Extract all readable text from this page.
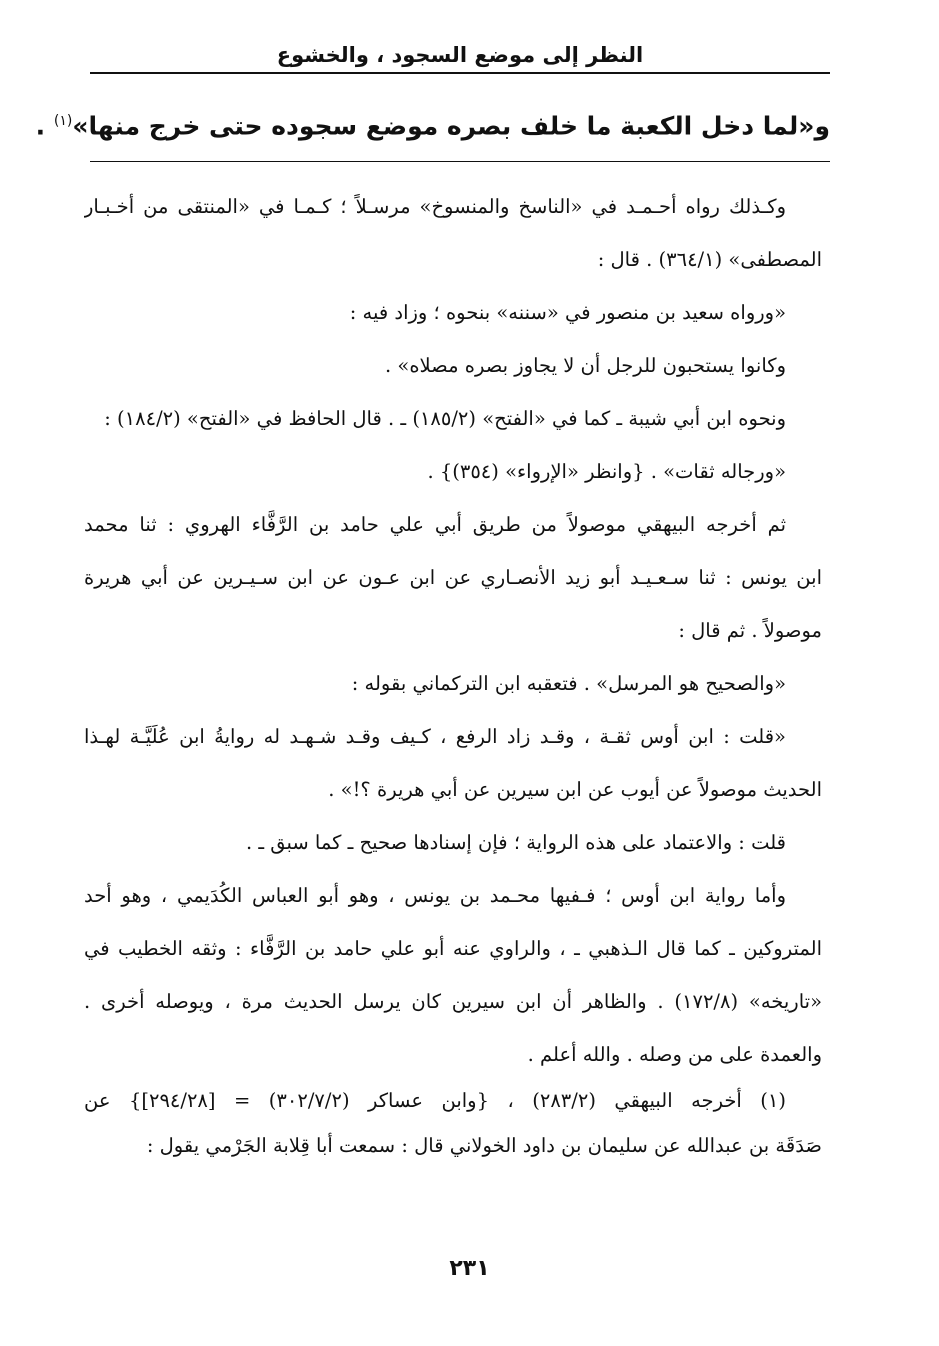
النظر إلى موضع السجود ، والخشوع
و«لما دخل الكعبة ما خلف بصره موضع سجوده حتى خرج منها»$^{(١)}$ .
وكـذلك رواه أحـمـد في «الناسخ والمنسوخ» مرسـلاً ؛ كـمـا في «المنتقى من أخـبـار
المصطفى» (٣٦٤/١) . قال :
«ورواه سعيد بن منصور في «سننه» بنحوه ؛ وزاد فيه :
وكانوا يستحبون للرجل أن لا يجاوز بصره مصلاه» .
ونحوه ابن أبي شيبة ـ كما في «الفتح» (١٨٥/٢) ـ . قال الحافظ في «الفتح» (١٨٤/٢) :
«ورجاله ثقات» . {وانظر «الإرواء» (٣٥٤)} .
ثم أخرجه البيهقي موصولاً من طريق أبي علي حامد بن الرَّفَّاء الهروي : ثنا محمد
ابن يونس : ثنا سـعـيـد أبو زيد الأنصـاري عن ابن عـون عن ابن سـيـرين عن أبي هريرة
موصولاً . ثم قال :
«والصحيح هو المرسل» . فتعقبه ابن التركماني بقوله :
«قلت : ابن أوس ثقـة ، وقـد زاد الرفع ، كـيف وقـد شـهـد له روايةُ ابن عُلَيَّـة لهـذا
الحديث موصولاً عن أيوب عن ابن سيرين عن أبي هريرة ؟!» .
قلت : والاعتماد على هذه الرواية ؛ فإن إسنادها صحيح ـ كما سبق ـ .
وأما رواية ابن أوس ؛ فـفيها محـمد بن يونس ، وهو أبو العباس الكُدَيمي ، وهو أحد
المتروكين ـ كما قال الـذهبي ـ ، والراوي عنه أبو علي حامد بن الرَّفَّاء : وثقه الخطيب في
«تاريخه» (١٧٢/٨) . والظاهر أن ابن سيرين كان يرسل الحديث مرة ، ويوصله أخرى .
والعمدة على من وصله . والله أعلم .
(١) أخرجه البيهقي (٢٨٣/٢) ، {وابن عساكر (٣٠٢/٧/٢) = [٢٩٤/٢٨]} عن
صَدَقَة بن عبدالله عن سليمان بن داود الخولاني قال : سمعت أبا قِلابة الجَرْمي يقول :
٢٣١
